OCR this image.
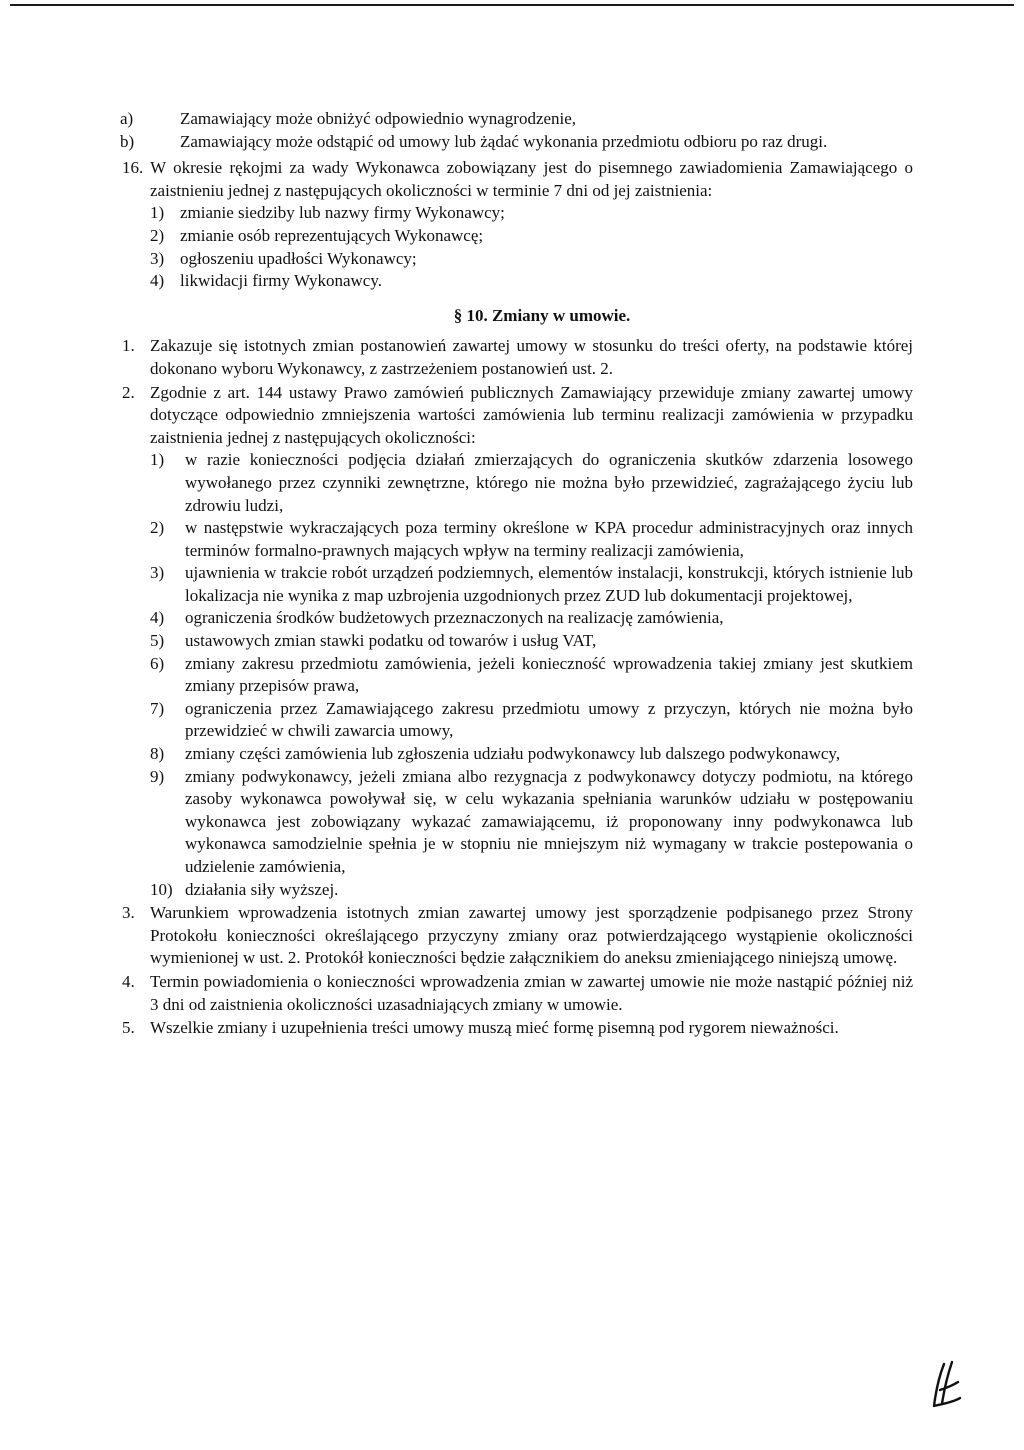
a)	Zamawiający może obniżyć odpowiednio wynagrodzenie,
b)	Zamawiający może odstąpić od umowy lub żądać wykonania przedmiotu odbioru po raz drugi.
16. W okresie rękojmi za wady Wykonawca zobowiązany jest do pisemnego zawiadomienia Zamawiającego o zaistnieniu jednej z następujących okoliczności w terminie 7 dni od jej zaistnienia:
1) zmianie siedziby lub nazwy firmy Wykonawcy;
2) zmianie osób reprezentujących Wykonawcę;
3) ogłoszeniu upadłości Wykonawcy;
4) likwidacji firmy Wykonawcy.
§ 10. Zmiany w umowie.
1. Zakazuje się istotnych zmian postanowień zawartej umowy w stosunku do treści oferty, na podstawie której dokonano wyboru Wykonawcy, z zastrzeżeniem postanowień ust. 2.
2. Zgodnie z art. 144 ustawy Prawo zamówień publicznych Zamawiający przewiduje zmiany zawartej umowy dotyczące odpowiednio zmniejszenia wartości zamówienia lub terminu realizacji zamówienia w przypadku zaistnienia jednej z następujących okoliczności:
1) w razie konieczności podjęcia działań zmierzających do ograniczenia skutków zdarzenia losowego wywołanego przez czynniki zewnętrzne, którego nie można było przewidzieć, zagrażającego życiu lub zdrowiu ludzi,
2) w następstwie wykraczających poza terminy określone w KPA procedur administracyjnych oraz innych terminów formalno-prawnych mających wpływ na terminy realizacji zamówienia,
3) ujawnienia w trakcie robót urządzeń podziemnych, elementów instalacji, konstrukcji, których istnienie lub lokalizacja nie wynika z map uzbrojenia uzgodnionych przez ZUD lub dokumentacji projektowej,
4) ograniczenia środków budżetowych przeznaczonych na realizację zamówienia,
5) ustawowych zmian stawki podatku od towarów i usług VAT,
6) zmiany zakresu przedmiotu zamówienia, jeżeli konieczność wprowadzenia takiej zmiany jest skutkiem zmiany przepisów prawa,
7) ograniczenia przez Zamawiającego zakresu przedmiotu umowy z przyczyn, których nie można było przewidzieć w chwili zawarcia umowy,
8) zmiany części zamówienia lub zgłoszenia udziału podwykonawcy lub dalszego podwykonawcy,
9) zmiany podwykonawcy, jeżeli zmiana albo rezygnacja z podwykonawcy dotyczy podmiotu, na którego zasoby wykonawca powoływał się, w celu wykazania spełniania warunków udziału w postępowaniu wykonawca jest zobowiązany wykazać zamawiającemu, iż proponowany inny podwykonawca lub wykonawca samodzielnie spełnia je w stopniu nie mniejszym niż wymagany w trakcie postepowania o udzielenie zamówienia,
10) działania siły wyższej.
3. Warunkiem wprowadzenia istotnych zmian zawartej umowy jest sporządzenie podpisanego przez Strony Protokołu konieczności określającego przyczyny zmiany oraz potwierdzającego wystąpienie okoliczności wymienionej w ust. 2. Protokół konieczności będzie załącznikiem do aneksu zmieniającego niniejszą umowę.
4. Termin powiadomienia o konieczności wprowadzenia zmian w zawartej umowie nie może nastąpić później niż 3 dni od zaistnienia okoliczności uzasadniających zmiany w umowie.
5. Wszelkie zmiany i uzupełnienia treści umowy muszą mieć formę pisemną pod rygorem nieważności.
